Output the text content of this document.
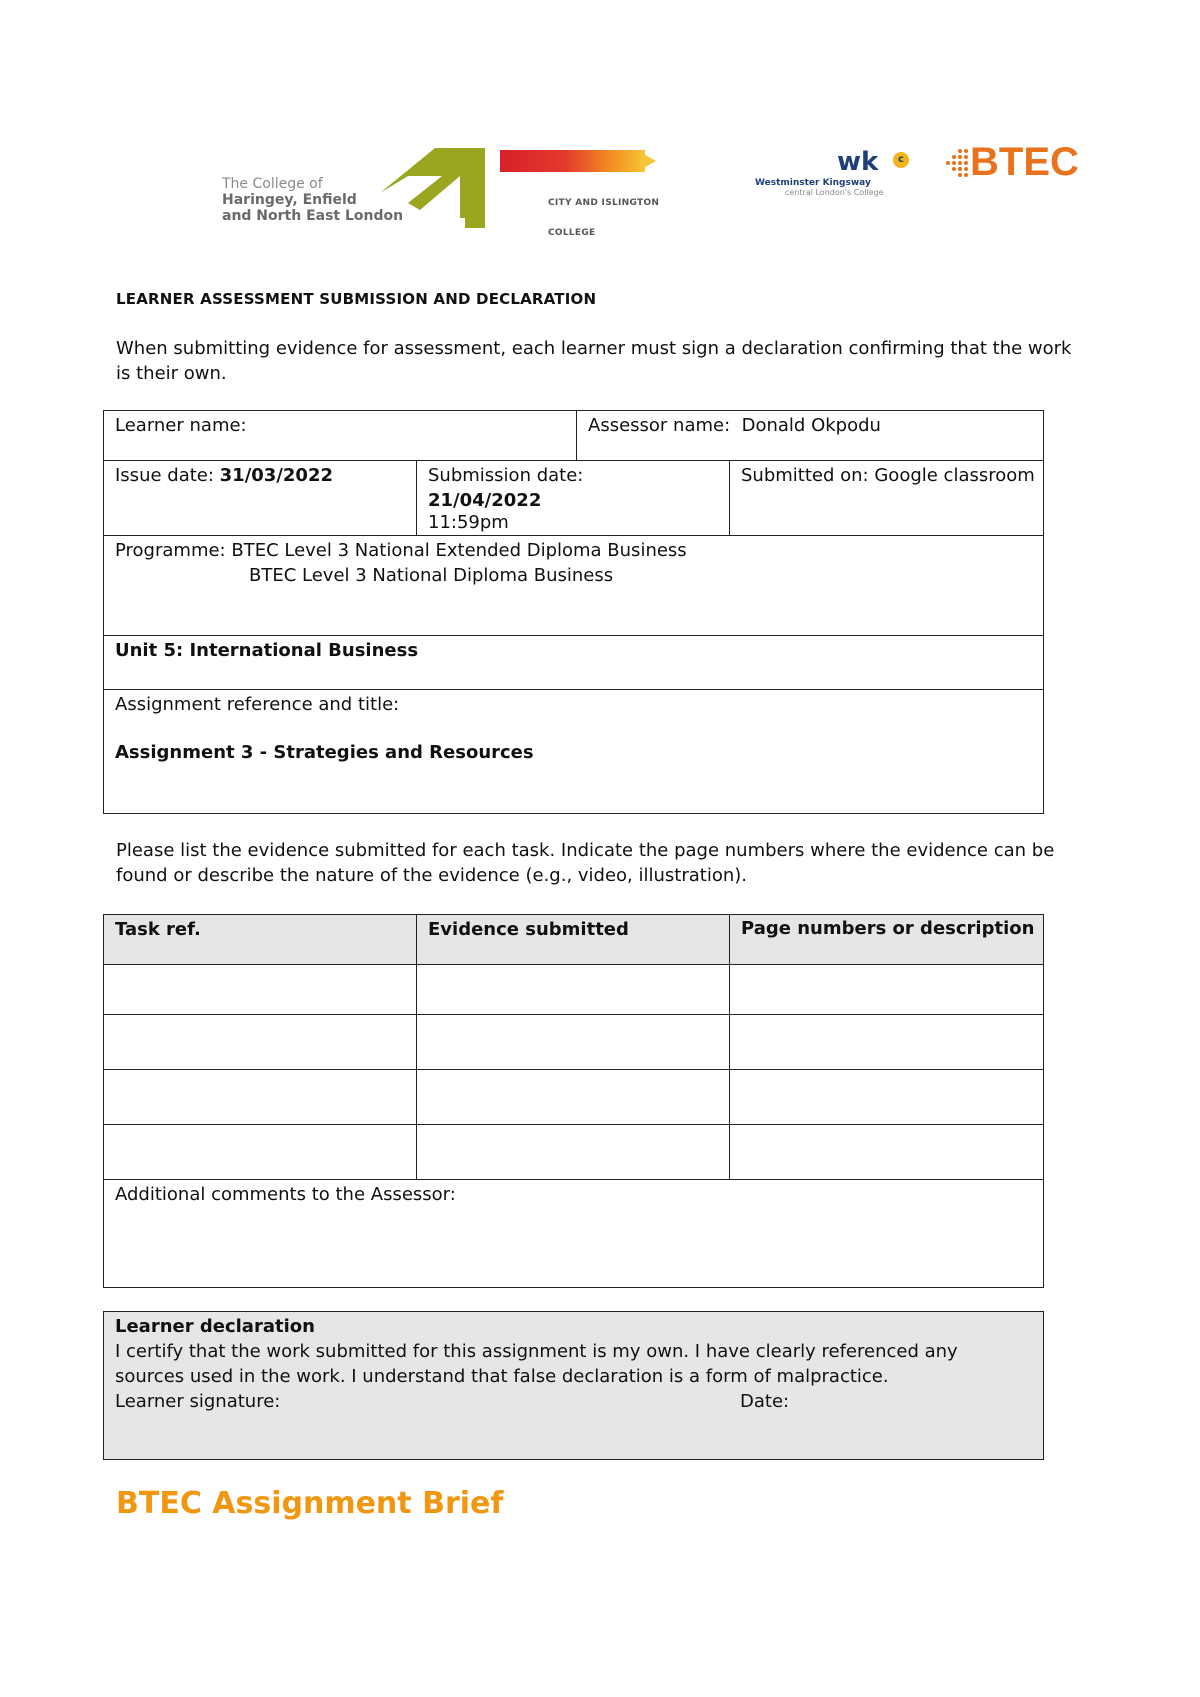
The College of
Haringey, Enfield
and North East London

CITY AND ISLINGTON

COLLEGE

wk	c
Westminster Kingsway
central London's College
BTEC
LEARNER ASSESSMENT SUBMISSION AND DECLARATION
When submitting evidence for assessment, each learner must sign a declaration confirming that the work is their own.
Learner name:	Assessor name: Donald Okpodu
Issue date: 31/03/2022	Submission date:
21/04/2022
11:59pm
Submitted on: Google classroom
Programme: BTEC Level 3 National Extended Diploma Business
BTEC Level 3 National Diploma Business
Unit 5: International Business
Assignment reference and title:
Assignment 3 - Strategies and Resources
Please list the evidence submitted for each task. Indicate the page numbers where the evidence can be found or describe the nature of the evidence (e.g., video, illustration).
Task ref.	Evidence submitted	Page numbers or description
Additional comments to the Assessor:
Learner declaration
I certify that the work submitted for this assignment is my own. I have clearly referenced any sources used in the work. I understand that false declaration is a form of malpractice.
Learner signature:	Date:
BTEC Assignment Brief
